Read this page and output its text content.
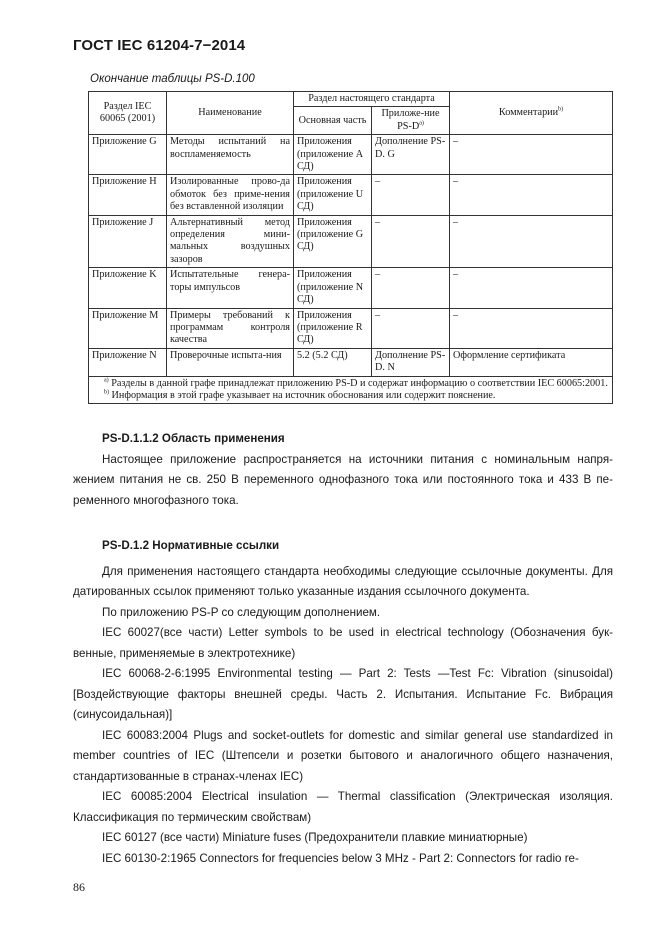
ГОСТ IEC 61204-7−2014
Окончание таблицы PS-D.100
Раздел IEC 60065 (2001)	Наименование	Раздел настоящего стандарта		Комментарии$^{b)}$
		Основная часть	Приложе-ние $PS-D^{a)}$
Приложение G	Методы испытаний на воспламеняемость	Приложения (приложение А СД)	Дополнение PS-D. G	–
Приложение H	Изолированные прово-да обмоток без приме-нения без вставленной изоляции	Приложения (приложение U СД)	–	–
Приложение J	Альтернативный метод определения мини-мальных воздушных зазоров	Приложения (приложение G СД)	–	–
Приложение K	Испытательные генера-торы импульсов	Приложения (приложение N СД)	–	–
Приложение M	Примеры требований к программам контроля качества	Приложения (приложение R СД)	–	–
Приложение N	Проверочные испыта-ния	5.2 (5.2 СД)	Дополнение PS-D. N	Оформление сертификата

$^{a)}$ Разделы в данной графе принадлежат приложению PS-D и содержат информацию о соответствии IEC 60065:2001.
$^{b)}$ Информация в этой графе указывает на источник обоснования или содержит пояснение.				
PS-D.1.1.2 Область применения

Настоящее приложение распространяется на источники питания с номинальным напря-жением питания не св. 250 В переменного однофазного тока или постоянного тока и 433 В пе-ременного многофазного тока.

PS-D.1.2 Нормативные ссылки

Для применения настоящего стандарта необходимы следующие ссылочные документы. Для датированных ссылок применяют только указанные издания ссылочного документа.

По приложению PS-P со следующим дополнением.

IEC 60027(все части) Letter symbols to be used in electrical technology (Обозначения бук-венные, применяемые в электротехнике)

IEC 60068-2-6:1995 Environmental testing — Part 2: Tests —Test Fc: Vibration (sinusoidal) [Воздействующие факторы внешней среды. Часть 2. Испытания. Испытание Fc. Вибрация (синусоидальная)]

IEC 60083:2004 Plugs and socket-outlets for domestic and similar general use standardized in member countries of IEC (Штепсели и розетки бытового и аналогичного общего назначения, стандартизованные в странах-членах IEC)

IEC 60085:2004 Electrical insulation — Thermal classification (Электрическая изоляция. Классификация по термическим свойствам)

IEC 60127 (все части) Miniature fuses (Предохранители плавкие миниатюрные)

IEC 60130-2:1965 Connectors for frequencies below 3 MHz - Part 2: Connectors for radio re-

86
